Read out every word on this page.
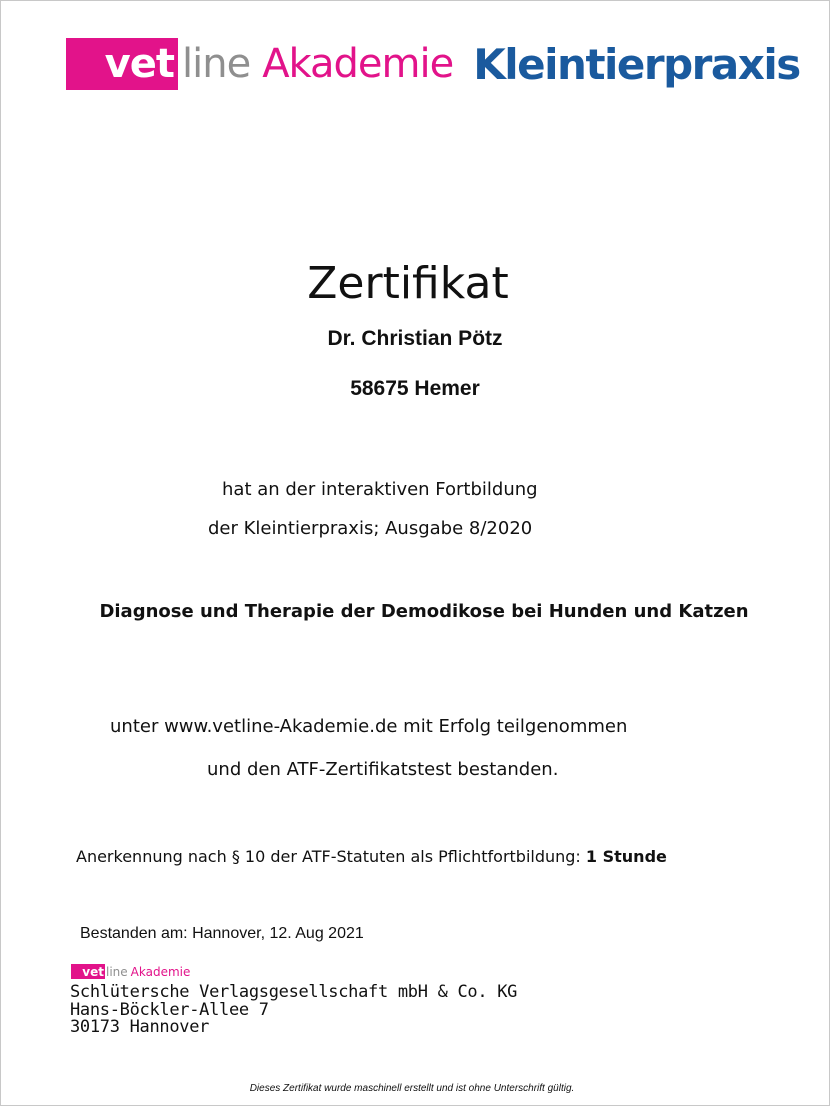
vet line Akademie Kleintierpraxis
Zertifikat
Dr. Christian Pötz
58675 Hemer
hat an der interaktiven Fortbildung
der Kleintierpraxis; Ausgabe 8/2020
Diagnose und Therapie der Demodikose bei Hunden und Katzen
unter www.vetline-Akademie.de mit Erfolg teilgenommen
und den ATF-Zertifikatstest bestanden.
Anerkennung nach § 10 der ATF-Statuten als Pflichtfortbildung: 1 Stunde
Bestanden am: Hannover, 12. Aug 2021
vet line Akademie
Schlütersche Verlagsgesellschaft mbH & Co. KG
Hans-Böckler-Allee 7
30173 Hannover
Dieses Zertifikat wurde maschinell erstellt und ist ohne Unterschrift gültig.
